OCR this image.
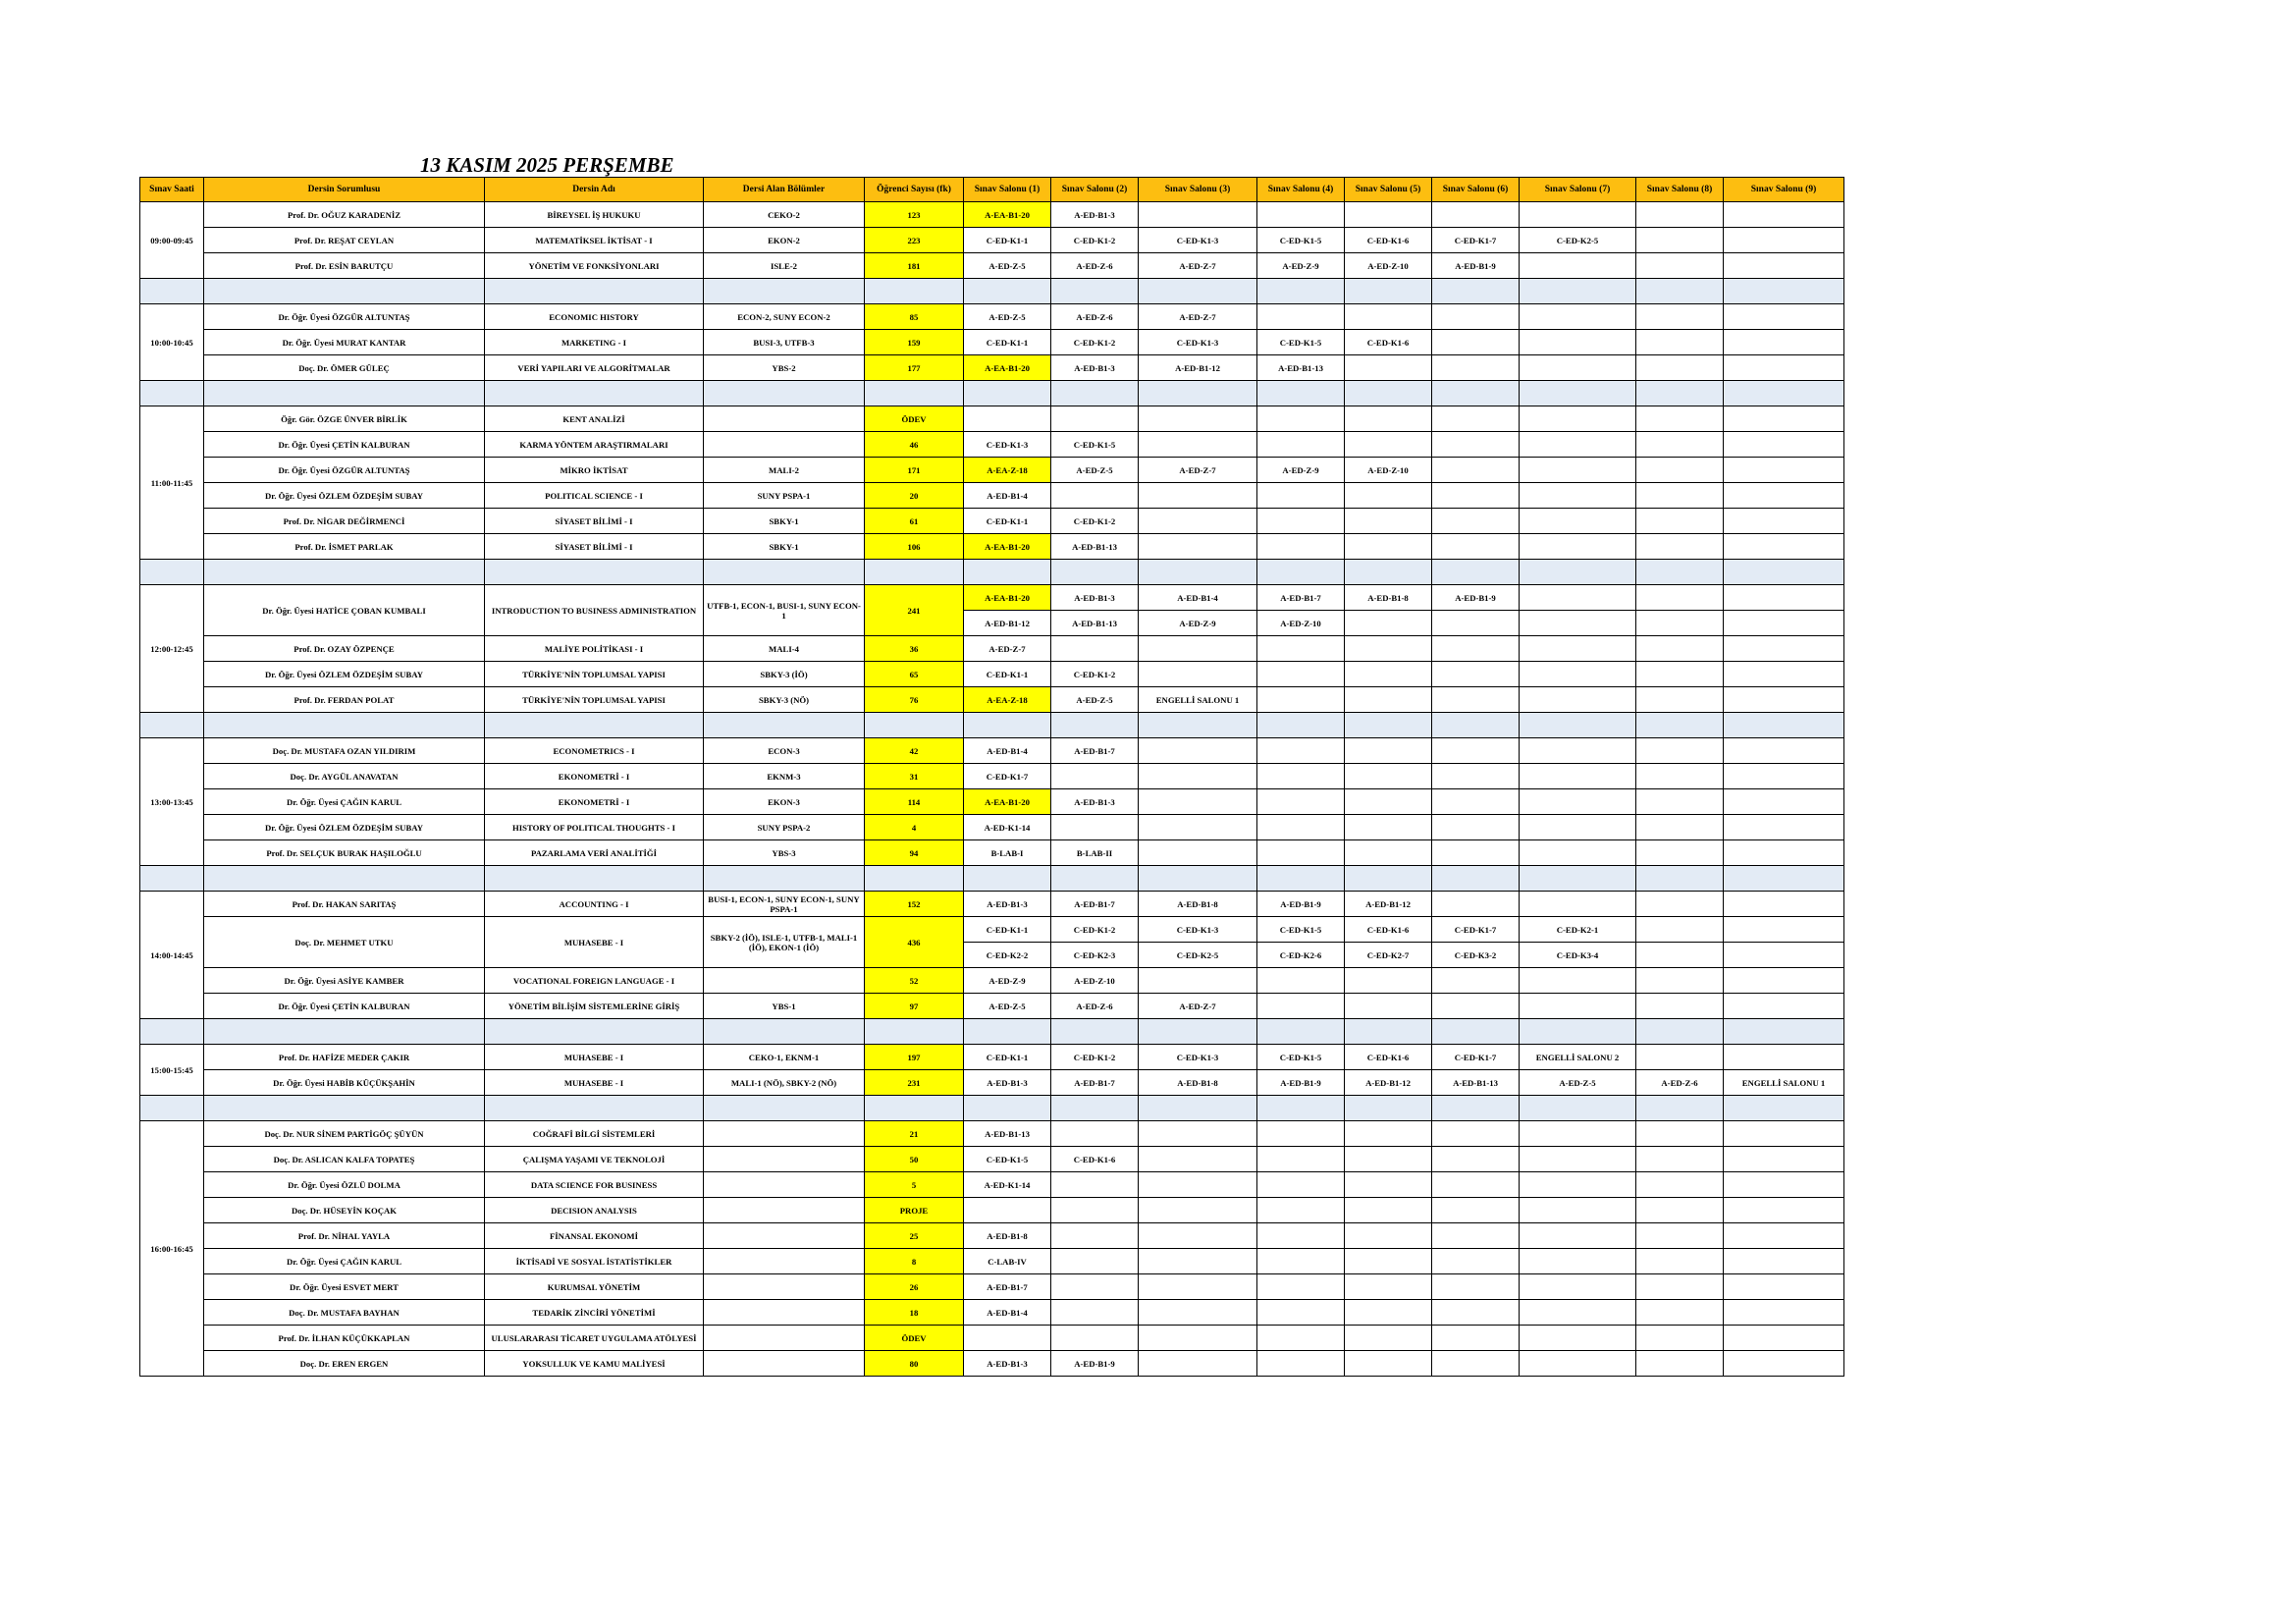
13 KASIM 2025 PERŞEMBE
Sınav Saati	Dersin Sorumlusu	Dersin Adı	Dersi Alan Bölümler	Öğrenci Sayısı (fk)	Sınav Salonu (1)	Sınav Salonu (2)	Sınav Salonu (3)	Sınav Salonu (4)	Sınav Salonu (5)	Sınav Salonu (6)	Sınav Salonu (7)	Sınav Salonu (8)	Sınav Salonu (9)
09:00-09:45	Prof. Dr. OĞUZ KARADENİZ	BİREYSEL İŞ HUKUKU	CEKO-2	123	A-EA-B1-20	A-ED-B1-3							
	Prof. Dr. REŞAT CEYLAN	MATEMATİKSEL İKTİSAT - I	EKON-2	223	C-ED-K1-1	C-ED-K1-2	C-ED-K1-3	C-ED-K1-5	C-ED-K1-6	C-ED-K1-7	C-ED-K2-5		
	Prof. Dr. ESİN BARUTÇU	YÖNETİM VE FONKSİYONLARI	ISLE-2	181	A-ED-Z-5	A-ED-Z-6	A-ED-Z-7	A-ED-Z-9	A-ED-Z-10	A-ED-B1-9			

10:00-10:45	Dr. Öğr. Üyesi ÖZGÜR ALTUNTAŞ	ECONOMIC HISTORY	ECON-2, SUNY ECON-2	85	A-ED-Z-5	A-ED-Z-6	A-ED-Z-7						
	Dr. Öğr. Üyesi MURAT KANTAR	MARKETING - I	BUSI-3, UTFB-3	159	C-ED-K1-1	C-ED-K1-2	C-ED-K1-3	C-ED-K1-5	C-ED-K1-6				
	Doç. Dr. ÖMER GÜLEÇ	VERİ YAPILARI VE ALGORİTMALAR	YBS-2	177	A-EA-B1-20	A-ED-B1-3	A-ED-B1-12	A-ED-B1-13					

11:00-11:45	Öğr. Gör. ÖZGE ÜNVER BİRLİK	KENT ANALİZİ		ÖDEV									
	Dr. Öğr. Üyesi ÇETİN KALBURAN	KARMA YÖNTEM ARAŞTIRMALARI		46	C-ED-K1-3	C-ED-K1-5							
	Dr. Öğr. Üyesi ÖZGÜR ALTUNTAŞ	MİKRO İKTİSAT	MALI-2	171	A-EA-Z-18	A-ED-Z-5	A-ED-Z-7	A-ED-Z-9	A-ED-Z-10				
	Dr. Öğr. Üyesi ÖZLEM ÖZDEŞİM SUBAY	POLITICAL SCIENCE - I	SUNY PSPA-1	20	A-ED-B1-4								
	Prof. Dr. NİGAR DEĞİRMENCİ	SİYASET BİLİMİ - I	SBKY-1	61	C-ED-K1-1	C-ED-K1-2							
	Prof. Dr. İSMET PARLAK	SİYASET BİLİMİ - I	SBKY-1	106	A-EA-B1-20	A-ED-B1-13							

12:00-12:45	Dr. Öğr. Üyesi HATİCE ÇOBAN KUMBALI	INTRODUCTION TO BUSINESS ADMINISTRATION	UTFB-1, ECON-1, BUSI-1, SUNY ECON-1	241	A-EA-B1-20	A-ED-B1-3	A-ED-B1-4	A-ED-B1-7	A-ED-B1-8	A-ED-B1-9			
					A-ED-B1-12	A-ED-B1-13	A-ED-Z-9	A-ED-Z-10					
	Prof. Dr. OZAY ÖZPENÇE	MALİYE POLİTİKASI - I	MALI-4	36	A-ED-Z-7								
	Dr. Öğr. Üyesi ÖZLEM ÖZDEŞİM SUBAY	TÜRKİYE'NİN TOPLUMSAL YAPISI	SBKY-3 (İÖ)	65	C-ED-K1-1	C-ED-K1-2							
	Prof. Dr. FERDAN POLAT	TÜRKİYE'NİN TOPLUMSAL YAPISI	SBKY-3 (NÖ)	76	A-EA-Z-18	A-ED-Z-5	ENGELLİ SALONU 1						

13:00-13:45	Doç. Dr. MUSTAFA OZAN YILDIRIM	ECONOMETRICS - I	ECON-3	42	A-ED-B1-4	A-ED-B1-7							
	Doç. Dr. AYGÜL ANAVATAN	EKONOMETRİ - I	EKNM-3	31	C-ED-K1-7								
	Dr. Öğr. Üyesi ÇAĞIN KARUL	EKONOMETRİ - I	EKON-3	114	A-EA-B1-20	A-ED-B1-3							
	Dr. Öğr. Üyesi ÖZLEM ÖZDEŞİM SUBAY	HISTORY OF POLITICAL THOUGHTS - I	SUNY PSPA-2	4	A-ED-K1-14								
	Prof. Dr. SELÇUK BURAK HAŞILOĞLU	PAZARLAMA VERİ ANALİTİĞİ	YBS-3	94	B-LAB-I	B-LAB-II							

14:00-14:45	Prof. Dr. HAKAN SARITAŞ	ACCOUNTING - I	BUSI-1, ECON-1, SUNY ECON-1, SUNY PSPA-1	152	A-ED-B1-3	A-ED-B1-7	A-ED-B1-8	A-ED-B1-9	A-ED-B1-12				
	Doç. Dr. MEHMET UTKU	MUHASEBE - I	SBKY-2 (İÖ), ISLE-1, UTFB-1, MALI-1 (İÖ), EKON-1 (İÖ)	436	C-ED-K1-1	C-ED-K1-2	C-ED-K1-3	C-ED-K1-5	C-ED-K1-6	C-ED-K1-7	C-ED-K2-1		
					C-ED-K2-2	C-ED-K2-3	C-ED-K2-5	C-ED-K2-6	C-ED-K2-7	C-ED-K3-2	C-ED-K3-4		
	Dr. Öğr. Üyesi ASİYE KAMBER	VOCATIONAL FOREIGN LANGUAGE - I		52	A-ED-Z-9	A-ED-Z-10							
	Dr. Öğr. Üyesi ÇETİN KALBURAN	YÖNETİM BİLİŞİM SİSTEMLERİNE GİRİŞ	YBS-1	97	A-ED-Z-5	A-ED-Z-6	A-ED-Z-7						

15:00-15:45	Prof. Dr. HAFİZE MEDER ÇAKIR	MUHASEBE - I	CEKO-1, EKNM-1	197	C-ED-K1-1	C-ED-K1-2	C-ED-K1-3	C-ED-K1-5	C-ED-K1-6	C-ED-K1-7	ENGELLİ SALONU 2		
	Dr. Öğr. Üyesi HABİB KÜÇÜKŞAHİN	MUHASEBE - I	MALI-1 (NÖ), SBKY-2 (NÖ)	231	A-ED-B1-3	A-ED-B1-7	A-ED-B1-8	A-ED-B1-9	A-ED-B1-12	A-ED-B1-13	A-ED-Z-5	A-ED-Z-6	ENGELLİ SALONU 1

16:00-16:45	Doç. Dr. NUR SİNEM PARTİGÖÇ ŞÜYÜN	COĞRAFİ BİLGİ SİSTEMLERİ		21	A-ED-B1-13								
	Doç. Dr. ASLICAN KALFA TOPATEŞ	ÇALIŞMA YAŞAMI VE TEKNOLOJİ		50	C-ED-K1-5	C-ED-K1-6							
	Dr. Öğr. Üyesi ÖZLÜ DOLMA	DATA SCIENCE FOR BUSINESS		5	A-ED-K1-14								
	Doç. Dr. HÜSEYİN KOÇAK	DECISION ANALYSIS		PROJE									
	Prof. Dr. NİHAL YAYLA	FİNANSAL EKONOMİ		25	A-ED-B1-8								
	Dr. Öğr. Üyesi ÇAĞIN KARUL	İKTİSADİ VE SOSYAL İSTATİSTİKLER		8	C-LAB-IV								
	Dr. Öğr. Üyesi ESVET MERT	KURUMSAL YÖNETİM		26	A-ED-B1-7								
	Doç. Dr. MUSTAFA BAYHAN	TEDARİK ZİNCİRİ YÖNETİMİ		18	A-ED-B1-4								
	Prof. Dr. İLHAN KÜÇÜKKAPLAN	ULUSLARARASI TİCARET UYGULAMA ATÖLYESİ		ÖDEV									
	Doç. Dr. EREN ERGEN	YOKSULLUK VE KAMU MALİYESİ		80	A-ED-B1-3	A-ED-B1-9							
